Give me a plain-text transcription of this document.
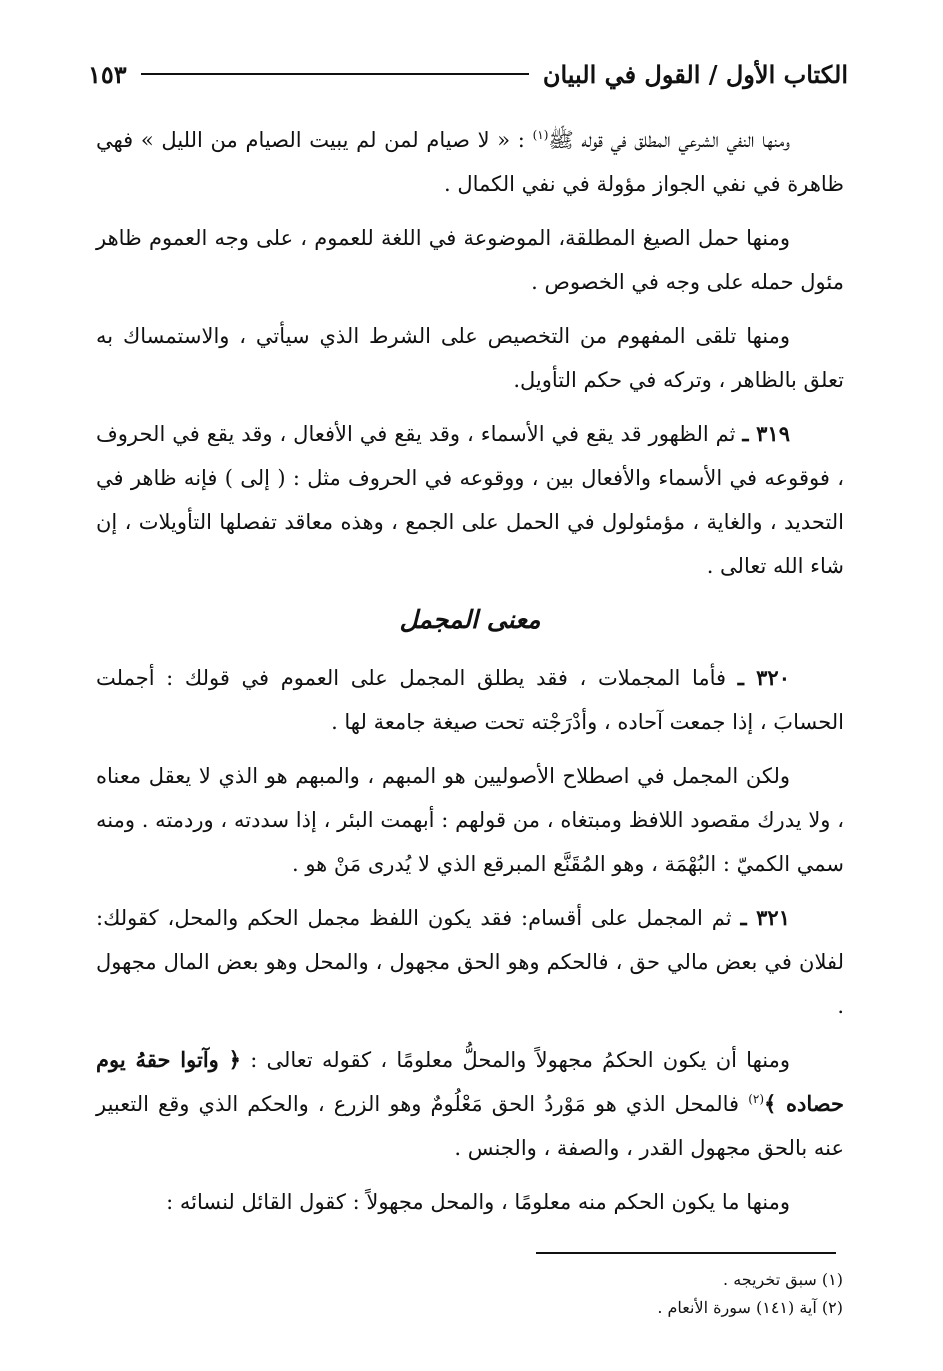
الكتاب الأول / القول في البيان
١٥٣

ومنها النفي الشرعي المطلق في قوله ﷺ$^{(١)}$ : « لا صيام لمن لم يبيت الصيام من الليل » فهي ظاهرة في نفي الجواز مؤولة في نفي الكمال .

ومنها حمل الصيغ المطلقة، الموضوعة في اللغة للعموم ، على وجه العموم ظاهر مئول حمله على وجه في الخصوص .

ومنها تلقى المفهوم من التخصيص على الشرط الذي سيأتي ، والاستمساك به تعلق بالظاهر ، وتركه في حكم التأويل.

٣١٩ ـ ثم الظهور قد يقع في الأسماء ، وقد يقع في الأفعال ، وقد يقع في الحروف ، فوقوعه في الأسماء والأفعال بين ، ووقوعه في الحروف مثل : ( إلى ) فإنه ظاهر في التحديد ، والغاية ، مؤمئولول في الحمل على الجمع ، وهذه معاقد تفصلها التأويلات ، إن شاء الله تعالى .

معنى المجمل

٣٢٠ ـ فأما المجملات ، فقد يطلق المجمل على العموم في قولك : أجملت الحسابَ ، إذا جمعت آحاده ، وأدْرَجْته تحت صيغة جامعة لها .

ولكن المجمل في اصطلاح الأصوليين هو المبهم ، والمبهم هو الذي لا يعقل معناه ، ولا يدرك مقصود اللافظ ومبتغاه ، من قولهم : أبهمت البئر ، إذا سددته ، وردمته . ومنه سمي الكميّ : البُهْمَة ، وهو المُقَنَّع المبرقع الذي لا يُدرى مَنْ هو .

٣٢١ ـ ثم المجمل على أقسام: فقد يكون اللفظ مجمل الحكم والمحل، كقولك: لفلان في بعض مالي حق ، فالحكم وهو الحق مجهول ، والمحل وهو بعض المال مجهول .

ومنها أن يكون الحكمُ مجهولاً والمحلُّ معلومًا ، كقوله تعالى : ﴿ وآتوا حقهُ يوم حصاده ﴾$^{(٢)}$ فالمحل الذي هو مَوْردُ الحق مَعْلُومٌ وهو الزرع ، والحكم الذي وقع التعبير عنه بالحق مجهول القدر ، والصفة ، والجنس .

ومنها ما يكون الحكم منه معلومًا ، والمحل مجهولاً : كقول القائل لنسائه :

(١) سبق تخريجه .

(٢) آية (١٤١) سورة الأنعام .
